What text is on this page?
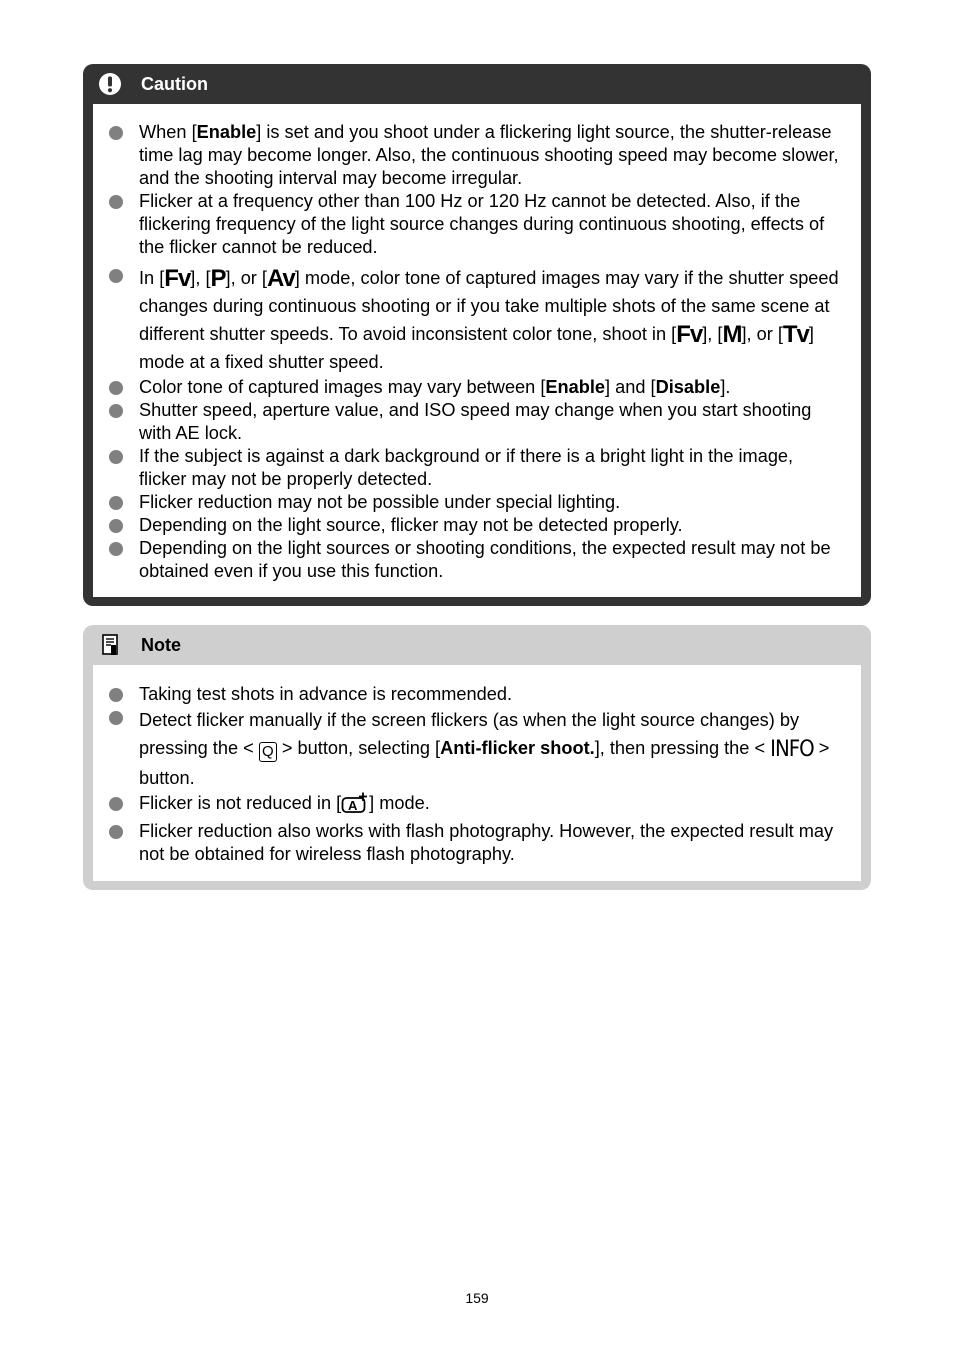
Caution
When [Enable] is set and you shoot under a flickering light source, the shutter-release time lag may become longer. Also, the continuous shooting speed may become slower, and the shooting interval may become irregular.
Flicker at a frequency other than 100 Hz or 120 Hz cannot be detected. Also, if the flickering frequency of the light source changes during continuous shooting, effects of the flicker cannot be reduced.
In [Fv], [P], or [Av] mode, color tone of captured images may vary if the shutter speed changes during continuous shooting or if you take multiple shots of the same scene at different shutter speeds. To avoid inconsistent color tone, shoot in [Fv], [M], or [Tv] mode at a fixed shutter speed.
Color tone of captured images may vary between [Enable] and [Disable].
Shutter speed, aperture value, and ISO speed may change when you start shooting with AE lock.
If the subject is against a dark background or if there is a bright light in the image, flicker may not be properly detected.
Flicker reduction may not be possible under special lighting.
Depending on the light source, flicker may not be detected properly.
Depending on the light sources or shooting conditions, the expected result may not be obtained even if you use this function.
Note
Taking test shots in advance is recommended.
Detect flicker manually if the screen flickers (as when the light source changes) by pressing the < Q > button, selecting [Anti-flicker shoot.], then pressing the < INFO > button.
Flicker is not reduced in [ A ] mode.
Flicker reduction also works with flash photography. However, the expected result may not be obtained for wireless flash photography.
159
